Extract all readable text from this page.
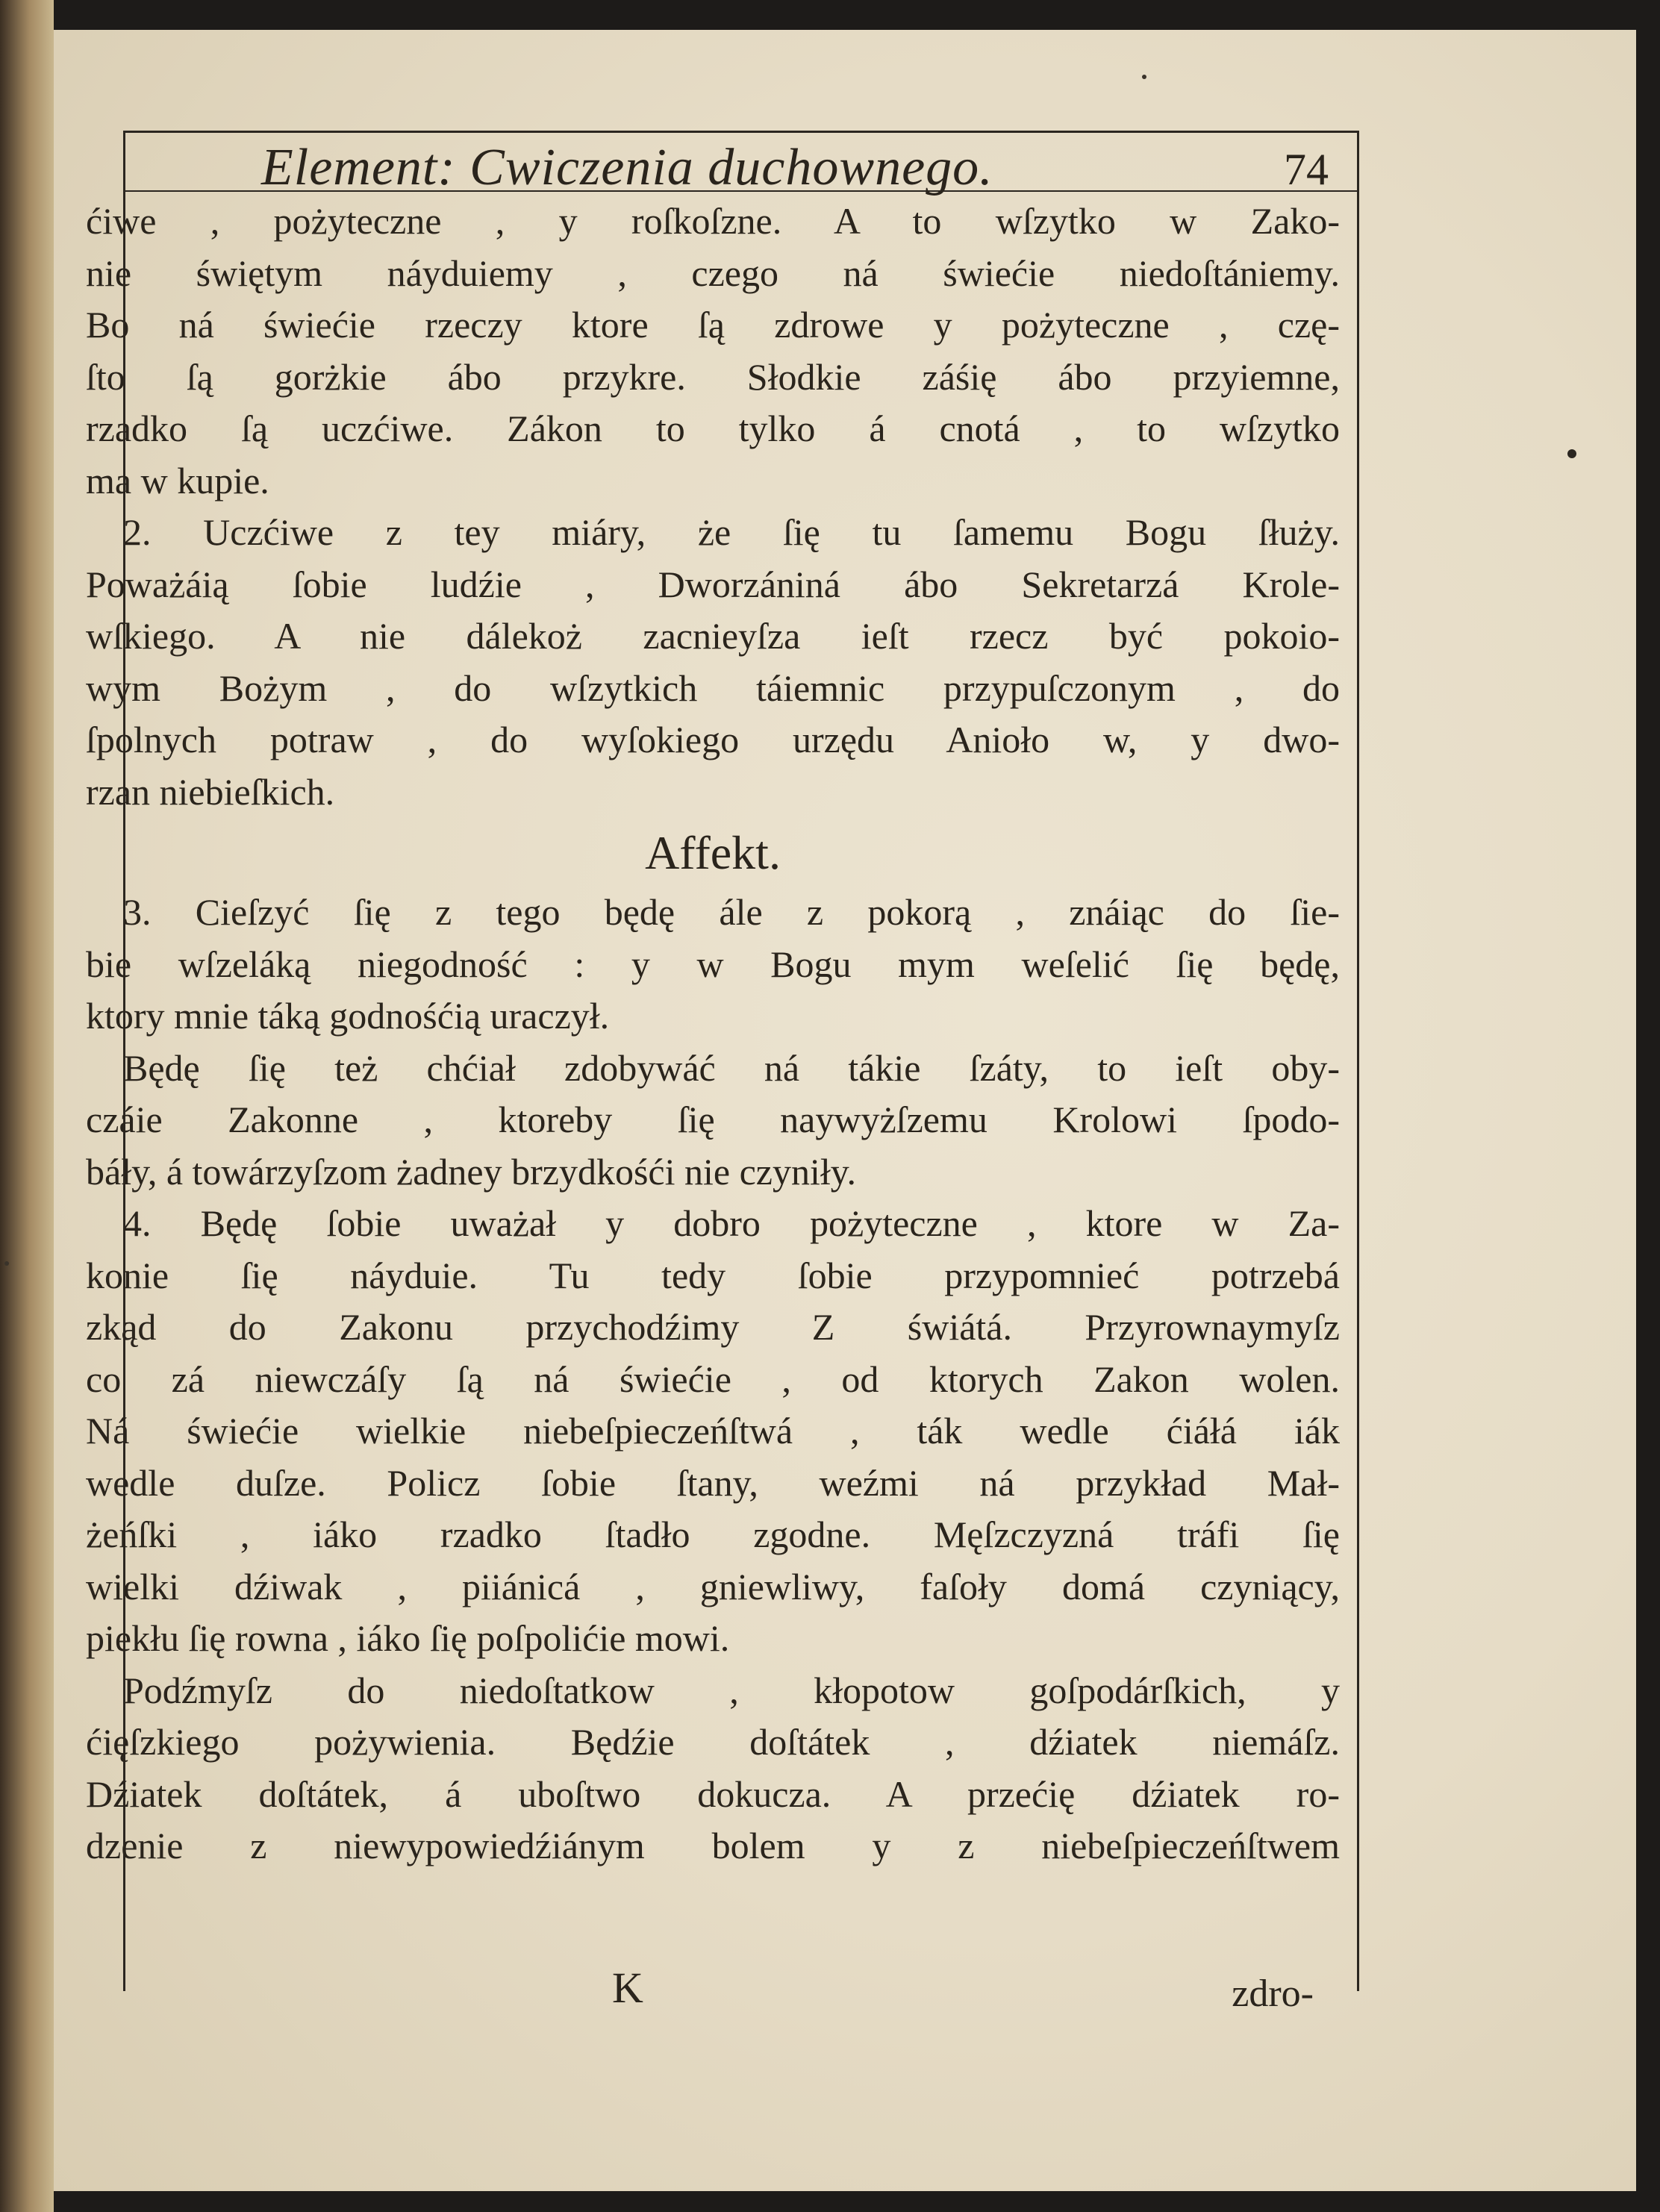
Element: Cwiczenia duchownego.	74
ćiwe , pożyteczne , y roſkoſzne. A to wſzytko w Zako-
nie świętym náyduiemy , czego ná świećie niedoſtániemy.
Bo ná świećie rzeczy ktore ſą zdrowe y pożyteczne , czę-
ſto ſą gorżkie ábo przykre. Słodkie záśię ábo przyiemne,
rzadko ſą uczćiwe. Zákon to tylko á cnotá , to wſzytko
ma w kupie.
2. Uczćiwe z tey miáry, że ſię tu ſamemu Bogu ſłuży.
Poważáią ſobie ludźie , Dworzániná ábo Sekretarzá Krole-
wſkiego. A nie dálekoż zacnieyſza ieſt rzecz być pokoio-
wym Bożym , do wſzytkich táiemnic przypuſczonym , do
ſpolnych potraw , do wyſokiego urzędu Anioło w, y dwo-
rzan niebieſkich.
Affekt.
3. Cieſzyć ſię z tego będę ále z pokorą , znáiąc do ſie-
bie wſzeláką niegodność : y w Bogu mym weſelić ſię będę,
ktory mnie táką godnośćią uraczył.
Będę ſię też chćiał zdobywáć ná tákie ſzáty, to ieſt oby-
czáie Zakonne , ktoreby ſię naywyżſzemu Krolowi ſpodo-
báły, á towárzyſzom żadney brzydkośći nie czyniły.
4. Będę ſobie uważał y dobro pożyteczne , ktore w Za-
konie ſię náyduie. Tu tedy ſobie przypomnieć potrzebá
zkąd do Zakonu przychodźimy Z świátá. Przyrownaymyſz
co zá niewczáſy ſą ná świećie , od ktorych Zakon wolen.
Ná świećie wielkie niebeſpieczeńſtwá , ták wedle ćiáłá iák
wedle duſze. Policz ſobie ſtany, weźmi ná przykład Mał-
żeńſki , iáko rzadko ſtadło zgodne. Męſzczyzná tráfi ſię
wielki dźiwak , piiánicá , gniewliwy, faſoły domá czyniący,
piekłu ſię rowna , iáko ſię poſpolićie mowi.
Podźmyſz do niedoſtatkow , kłopotow goſpodárſkich, y
ćięſzkiego pożywienia. Będźie doſtátek , dźiatek niemáſz.
Dźiatek doſtátek, á uboſtwo dokucza. A przećię dźiatek ro-
dzenie z niewypowiedźiánym bolem y z niebeſpieczeńſtwem
K	zdro-
